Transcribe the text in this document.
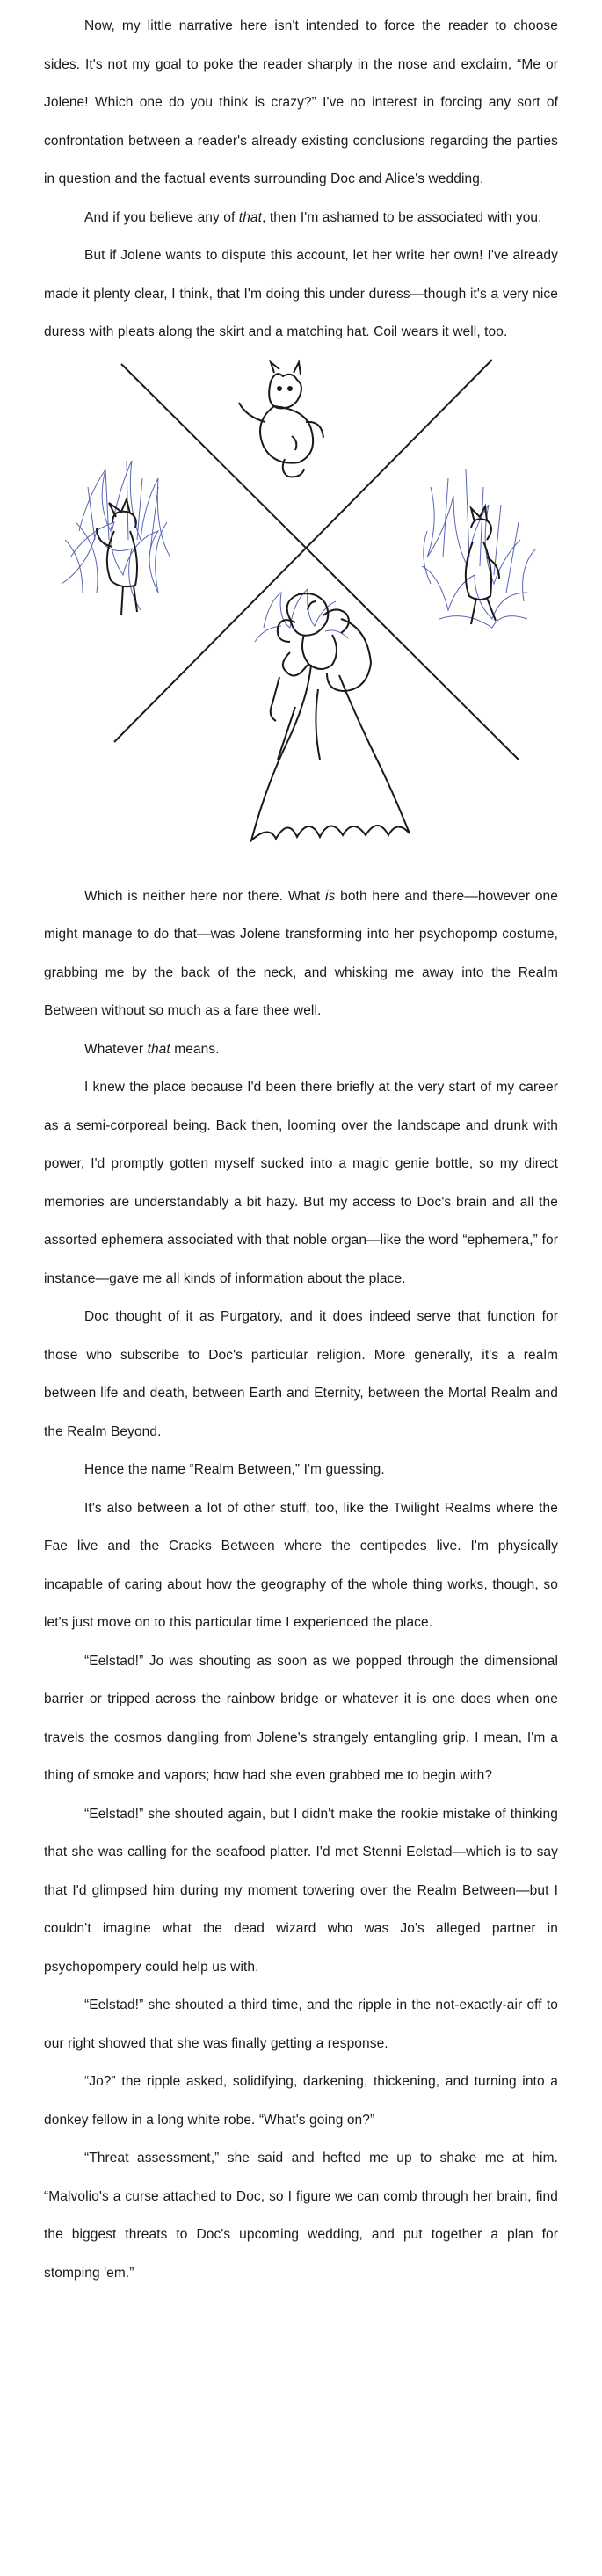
Now, my little narrative here isn't intended to force the reader to choose sides. It's not my goal to poke the reader sharply in the nose and exclaim, “Me or Jolene! Which one do you think is crazy?” I've no interest in forcing any sort of confrontation between a reader's already existing conclusions regarding the parties in question and the factual events surrounding Doc and Alice's wedding.

And if you believe any of that, then I'm ashamed to be associated with you.

But if Jolene wants to dispute this account, let her write her own! I've already made it plenty clear, I think, that I'm doing this under duress—though it's a very nice duress with pleats along the skirt and a matching hat. Coil wears it well, too.

Which is neither here nor there. What is both here and there—however one might manage to do that—was Jolene transforming into her psychopomp costume, grabbing me by the back of the neck, and whisking me away into the Realm Between without so much as a fare thee well.

Whatever that means.

I knew the place because I'd been there briefly at the very start of my career as a semi-corporeal being. Back then, looming over the landscape and drunk with power, I'd promptly gotten myself sucked into a magic genie bottle, so my direct memories are understandably a bit hazy. But my access to Doc's brain and all the assorted ephemera associated with that noble organ—like the word “ephemera,” for instance—gave me all kinds of information about the place.

Doc thought of it as Purgatory, and it does indeed serve that function for those who subscribe to Doc's particular religion. More generally, it's a realm between life and death, between Earth and Eternity, between the Mortal Realm and the Realm Beyond.

Hence the name “Realm Between,” I'm guessing.

It's also between a lot of other stuff, too, like the Twilight Realms where the Fae live and the Cracks Between where the centipedes live. I'm physically incapable of caring about how the geography of the whole thing works, though, so let's just move on to this particular time I experienced the place.

“Eelstad!” Jo was shouting as soon as we popped through the dimensional barrier or tripped across the rainbow bridge or whatever it is one does when one travels the cosmos dangling from Jolene's strangely entangling grip. I mean, I'm a thing of smoke and vapors; how had she even grabbed me to begin with?

“Eelstad!” she shouted again, but I didn't make the rookie mistake of thinking that she was calling for the seafood platter. I'd met Stenni Eelstad—which is to say that I'd glimpsed him during my moment towering over the Realm Between—but I couldn't imagine what the dead wizard who was Jo's alleged partner in psychopompery could help us with.

“Eelstad!” she shouted a third time, and the ripple in the not-exactly-air off to our right showed that she was finally getting a response.

“Jo?” the ripple asked, solidifying, darkening, thickening, and turning into a donkey fellow in a long white robe. “What's going on?”

“Threat assessment,” she said and hefted me up to shake me at him. “Malvolio's a curse attached to Doc, so I figure we can comb through her brain, find the biggest threats to Doc's upcoming wedding, and put together a plan for stomping 'em.”
